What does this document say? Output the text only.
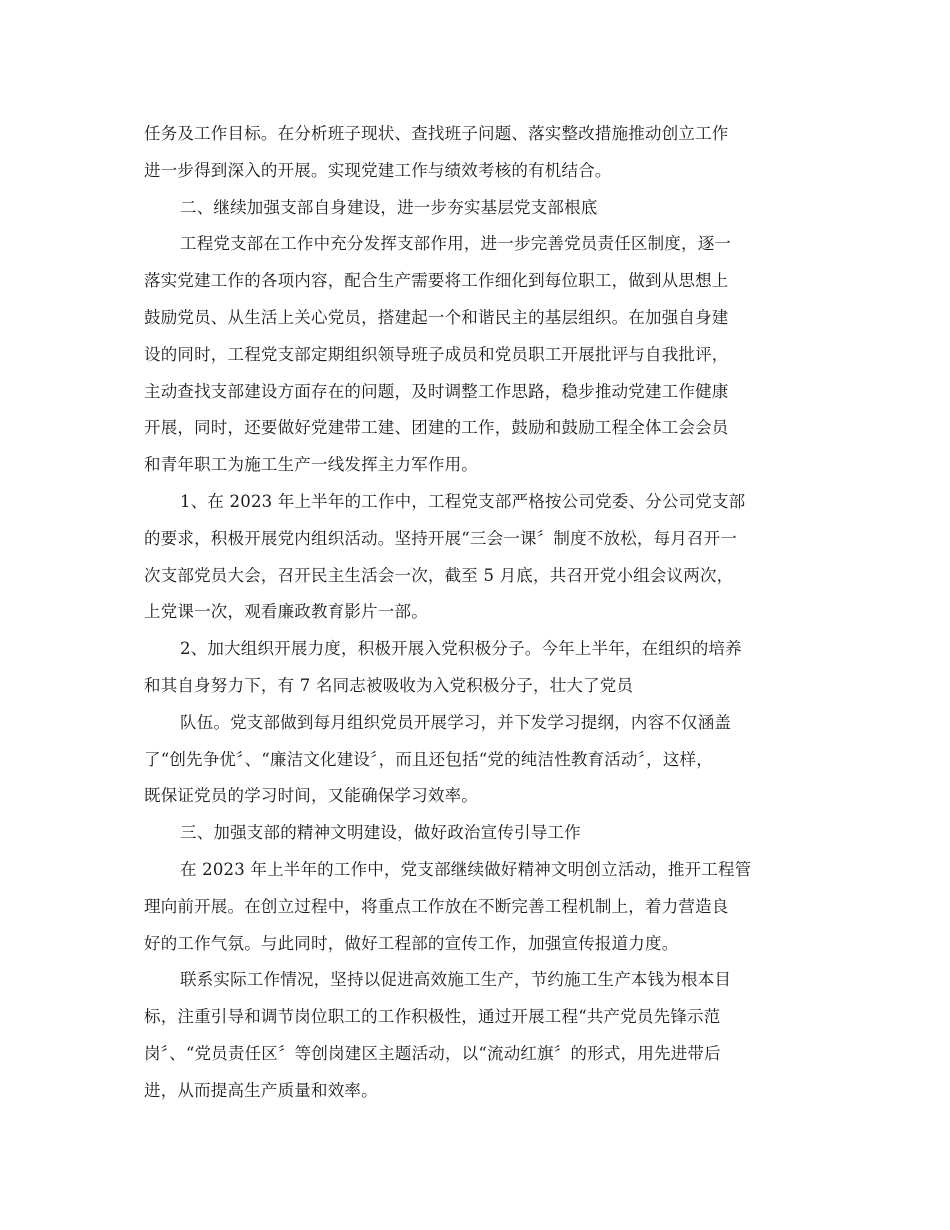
任务及工作目标。在分析班子现状、查找班子问题、落实整改措施推动创立工作
进一步得到深入的开展。实现党建工作与绩效考核的有机结合。
二、继续加强支部自身建设，进一步夯实基层党支部根底
工程党支部在工作中充分发挥支部作用，进一步完善党员责任区制度，逐一
落实党建工作的各项内容，配合生产需要将工作细化到每位职工，做到从思想上
鼓励党员、从生活上关心党员，搭建起一个和谐民主的基层组织。在加强自身建
设的同时，工程党支部定期组织领导班子成员和党员职工开展批评与自我批评，
主动查找支部建设方面存在的问题，及时调整工作思路，稳步推动党建工作健康
开展，同时，还要做好党建带工建、团建的工作，鼓励和鼓励工程全体工会会员
和青年职工为施工生产一线发挥主力军作用。
1、在 2023 年上半年的工作中，工程党支部严格按公司党委、分公司党支部
的要求，积极开展党内组织活动。坚持开展“三会一课〞制度不放松，每月召开一
次支部党员大会，召开民主生活会一次，截至 5 月底，共召开党小组会议两次，
上党课一次，观看廉政教育影片一部。
2、加大组织开展力度，积极开展入党积极分子。今年上半年，在组织的培养
和其自身努力下，有 7 名同志被吸收为入党积极分子，壮大了党员
队伍。党支部做到每月组织党员开展学习，并下发学习提纲，内容不仅涵盖
了“创先争优〞、“廉洁文化建设〞，而且还包括“党的纯洁性教育活动〞，这样，
既保证党员的学习时间，又能确保学习效率。
三、加强支部的精神文明建设，做好政治宣传引导工作
在 2023 年上半年的工作中，党支部继续做好精神文明创立活动，推开工程管
理向前开展。在创立过程中，将重点工作放在不断完善工程机制上，着力营造良
好的工作气氛。与此同时，做好工程部的宣传工作，加强宣传报道力度。
联系实际工作情况，坚持以促进高效施工生产，节约施工生产本钱为根本目
标，注重引导和调节岗位职工的工作积极性，通过开展工程“共产党员先锋示范
岗〞、“党员责任区〞等创岗建区主题活动，以“流动红旗〞的形式，用先进带后
进，从而提高生产质量和效率。
